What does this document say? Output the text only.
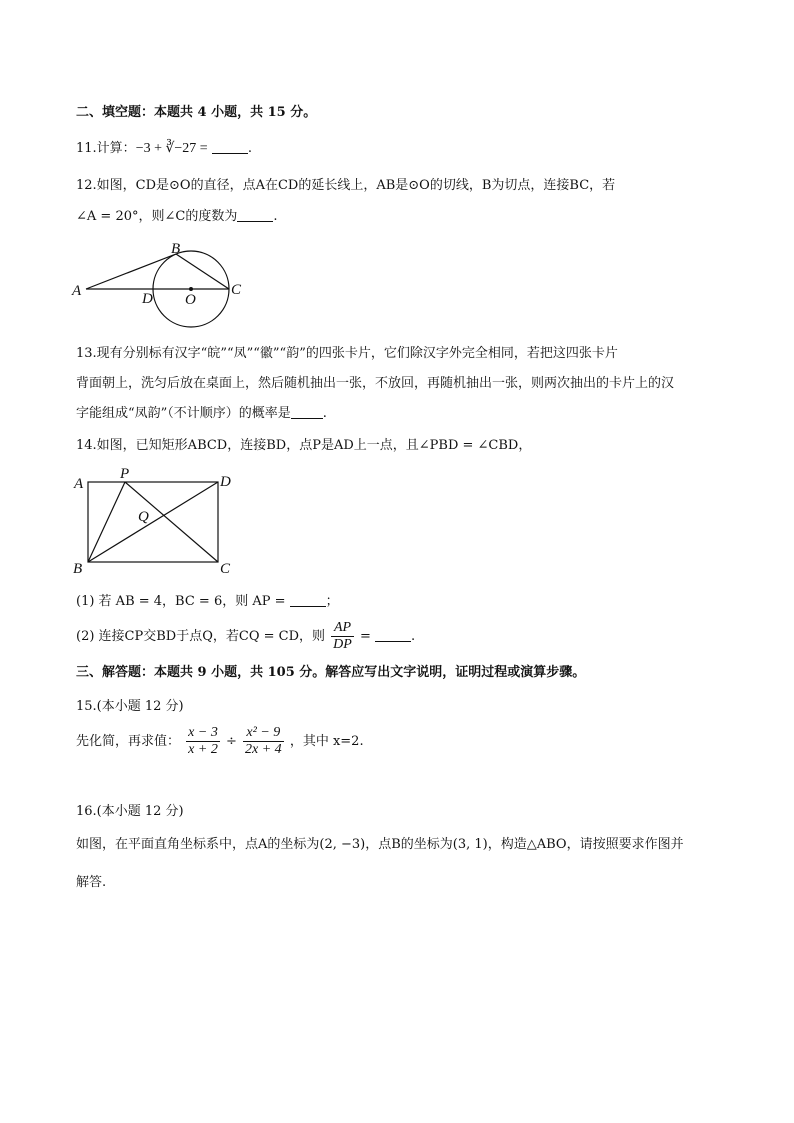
二、填空题：本题共 4 小题，共 15 分。
11.计算：−3 + ∛−27 =	.
12.如图，CD是⊙O的直径，点A在CD的延长线上，AB是⊙O的切线，B为切点，连接BC，若
∠A = 20°，则∠C的度数为	.
A
B
C
D O
13.现有分别标有汉字“皖”“凤”“徽”“韵”的四张卡片，它们除汉字外完全相同，若把这四张卡片
背面朝上，洗匀后放在桌面上，然后随机抽出一张，不放回，再随机抽出一张，则两次抽出的卡片上的汉
字能组成“凤韵”（不计顺序）的概率是 .
14.如图，已知矩形ABCD，连接BD，点P是AD上一点，且∠PBD = ∠CBD，
A
P	D
Q
B	C
(1) 若 AB = 4，BC = 6，则 AP =	；
(2) 连接CP交BD于点Q，若CQ = CD，则 $\frac{AP}{DP}$ =	.
三、解答题：本题共 9 小题，共 105 分。解答应写出文字说明，证明过程或演算步骤。
15.(本小题 12 分)
先化简，再求值： $\frac{x - 3}{x + 2} \div \frac{\text{x² − 9}}{2x + 4}$ ，其中 x=2.
16.(本小题 12 分)
如图，在平面直角坐标系中，点A的坐标为(2, −3)，点B的坐标为(3, 1)，构造△ABO，请按照要求作图并
解答.
